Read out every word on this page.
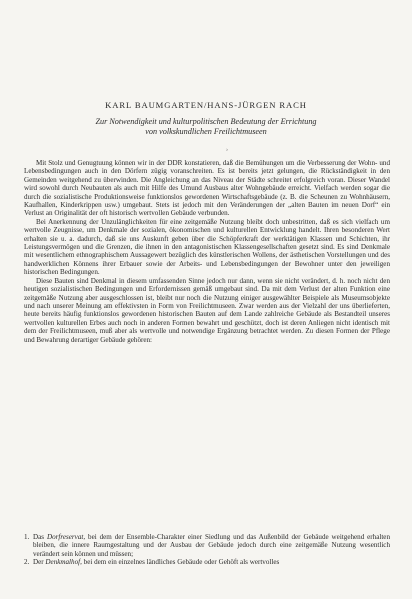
KARL BAUMGARTEN/HANS-JÜRGEN RACH
Zur Notwendigkeit und kulturpolitischen Bedeutung der Errichtung
von volkskundlichen Freilichtmuseen
›

Mit Stolz und Genugtuung können wir in der DDR konstatieren, daß die Bemühungen um die Verbesserung der Wohn- und Lebensbedingungen auch in den Dörfern zügig voranschreiten. Es ist bereits jetzt gelungen, die Rückständigkeit in den Gemeinden weitgehend zu überwinden. Die Angleichung an das Niveau der Städte schreitet erfolgreich voran. Dieser Wandel wird sowohl durch Neubauten als auch mit Hilfe des Umund Ausbaus alter Wohngebäude erreicht. Vielfach werden sogar die durch die sozialistische Produktionsweise funktionslos gewordenen Wirtschaftsgebäude (z. B. die Scheunen zu Wohnhäusern, Kaufhallen, Kinderkrippen usw.) umgebaut. Stets ist jedoch mit den Veränderungen der „alten Bauten im neuen Dorf“ ein Verlust an Originalität der oft historisch wertvollen Gebäude verbunden.

Bei Anerkennung der Unzulänglichkeiten für eine zeitgemäße Nutzung bleibt doch unbestritten, daß es sich vielfach um wertvolle Zeugnisse, um Denkmale der sozialen, ökonomischen und kulturellen Entwicklung handelt. Ihren besonderen Wert erhalten sie u. a. dadurch, daß sie uns Auskunft geben über die Schöpferkraft der werktätigen Klassen und Schichten, ihr Leistungsvermögen und die Grenzen, die ihnen in den antagonistischen Klassengesellschaften gesetzt sind. Es sind Denkmale mit wesentlichem ethnographischem Aussagewert bezüglich des künstlerischen Wollens, der ästhetischen Vorstellungen und des handwerklichen Könnens ihrer Erbauer sowie der Arbeits- und Lebensbedingungen der Bewohner unter den jeweiligen historischen Bedingungen.

Diese Bauten sind Denkmal in diesem umfassenden Sinne jedoch nur dann, wenn sie nicht verändert, d. h. noch nicht den heutigen sozialistischen Bedingungen und Erfordernissen gemäß umgebaut sind. Da mit dem Verlust der alten Funktion eine zeitgemäße Nutzung aber ausgeschlossen ist, bleibt nur noch die Nutzung einiger ausgewählter Beispiele als Museumsobjekte und nach unserer Meinung am effektivsten in Form von Freilichtmuseen. Zwar werden aus der Vielzahl der uns überlieferten, heute bereits häufig funktionslos gewordenen historischen Bauten auf dem Lande zahlreiche Gebäude als Bestandteil unseres wertvollen kulturellen Erbes auch noch in anderen Formen bewahrt und geschützt, doch ist deren Anliegen nicht identisch mit dem der Freilichtmuseen, muß aber als wertvolle und notwendige Ergänzung betrachtet werden. Zu diesen Formen der Pflege und Bewahrung derartiger Gebäude gehören:

1. Das Dorfreservat, bei dem der Ensemble-Charakter einer Siedlung und das Außenbild der Gebäude weitgehend erhalten bleiben, die innere Raumgestaltung und der Ausbau der Gebäude jedoch durch eine zeitgemäße Nutzung wesentlich verändert sein können und müssen;
2. Der Denkmalhof, bei dem ein einzelnes ländliches Gebäude oder Gehöft als wertvolles
